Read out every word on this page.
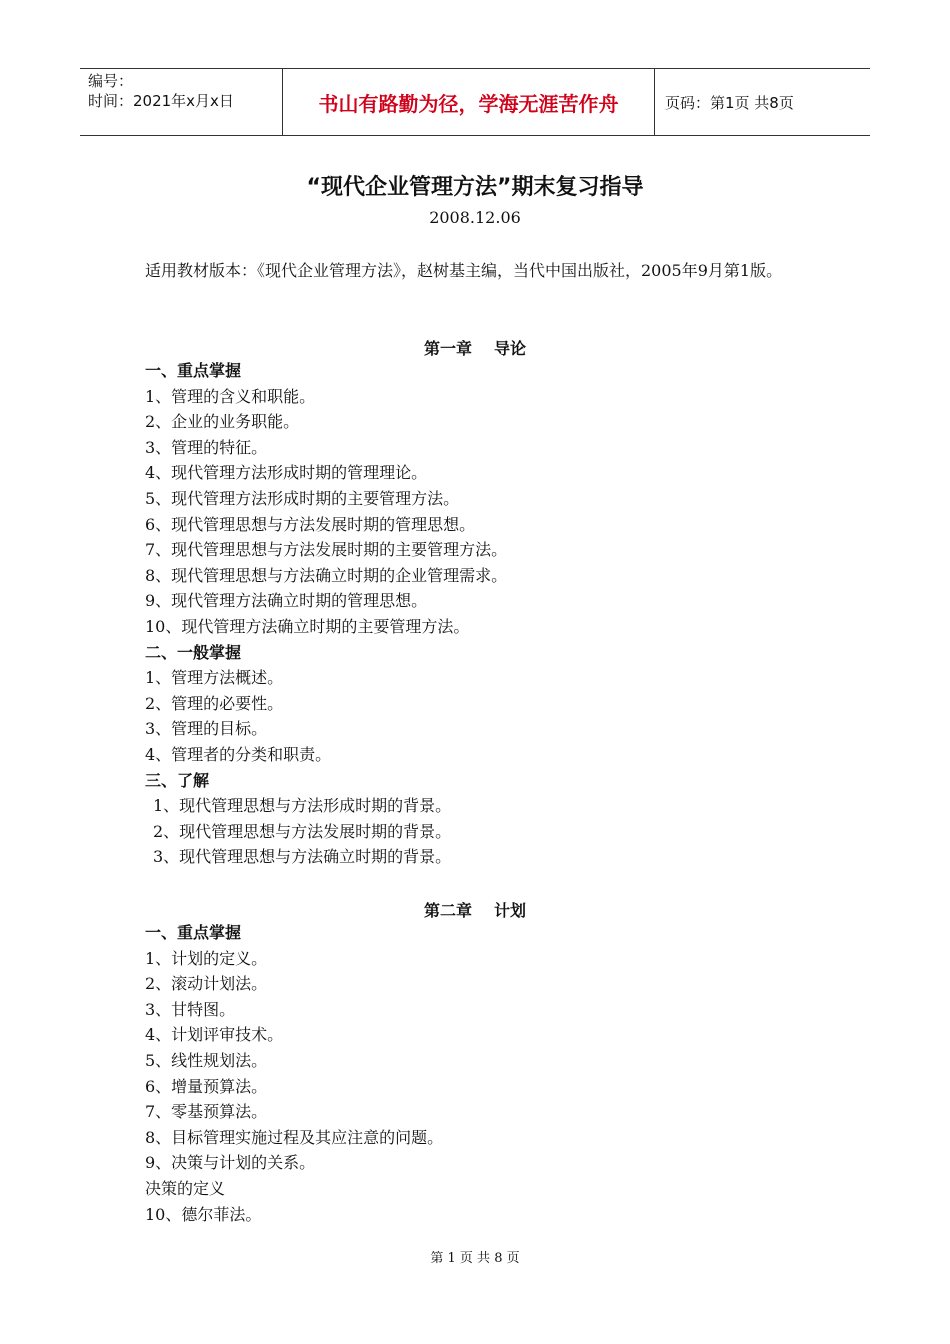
编号：
时间：2021年x月x日	书山有路勤为径，学海无涯苦作舟	页码：第1页 共8页
“现代企业管理方法”期末复习指导
2008.12.06
适用教材版本：《现代企业管理方法》，赵树基主编，当代中国出版社，2005年9月第1版。
第一章 导论
一、重点掌握
1、管理的含义和职能。
2、企业的业务职能。
3、管理的特征。
4、现代管理方法形成时期的管理理论。
5、现代管理方法形成时期的主要管理方法。
6、现代管理思想与方法发展时期的管理思想。
7、现代管理思想与方法发展时期的主要管理方法。
8、现代管理思想与方法确立时期的企业管理需求。
9、现代管理方法确立时期的管理思想。
10、现代管理方法确立时期的主要管理方法。
二、一般掌握
1、管理方法概述。
2、管理的必要性。
3、管理的目标。
4、管理者的分类和职责。
三、了解
1、现代管理思想与方法形成时期的背景。
2、现代管理思想与方法发展时期的背景。
3、现代管理思想与方法确立时期的背景。
第二章 计划
一、重点掌握
1、计划的定义。
2、滚动计划法。
3、甘特图。
4、计划评审技术。
5、线性规划法。
6、增量预算法。
7、零基预算法。
8、目标管理实施过程及其应注意的问题。
9、决策与计划的关系。
决策的定义
10、德尔菲法。
第 1 页 共 8 页
